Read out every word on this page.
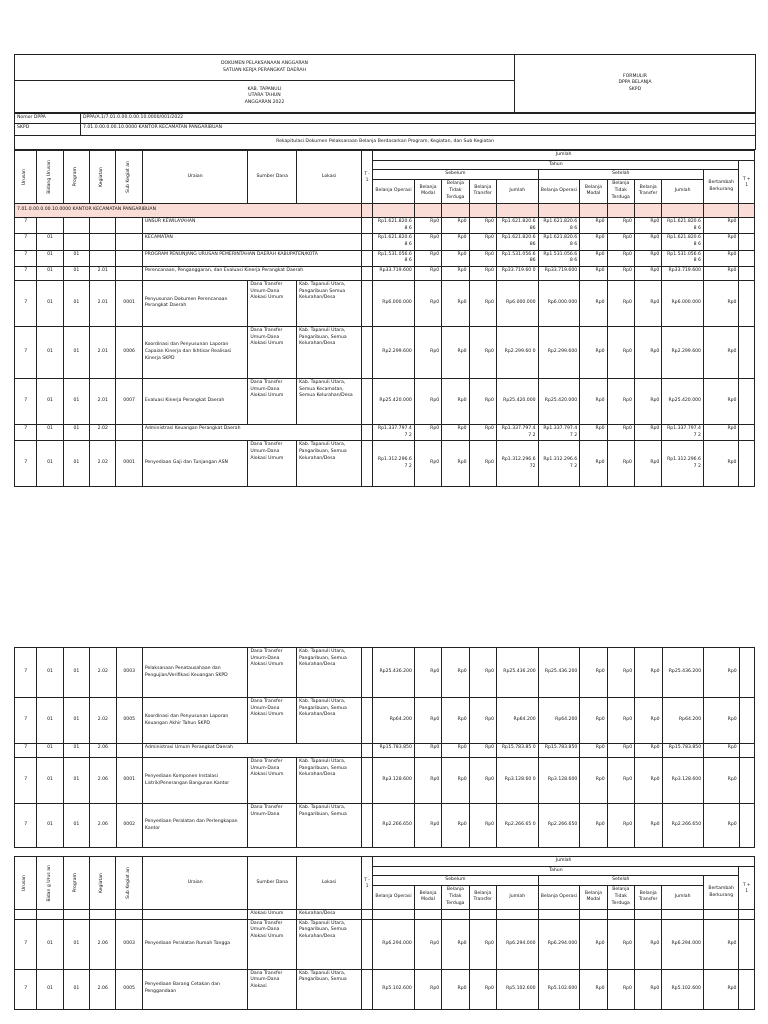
DOKUMEN PELAKSANAAN ANGGARAN
SATUAN KERJA PERANGKAT DAERAH

FORMULIR
DPPA BELANJA
SKPD

KAB. TAPANULI
UTARA TAHUN
ANGGARAN 2022
Nomor DPPA	DPPA/A.1/7.01.0.00.0.00.10.0000/001/2022
SKPD	7.01.0.00.0.00.10.0000 KANTOR KECAMATAN PANGARIBUAN
Rekapitulasi Dokumen Pelaksanaan Belanja Berdasarkan Program, Kegiatan, dan Sub Kegiatan	
Urusan	Bidang Urusan	Program	Kegiatan	Sub Kegiat an	Uraian	Sumber Dana	Lokasi	T - 1	Jumlah											
									Tahun											T + 1
									Sebelum					Setelah					Bertambah Berkurang	
									Belanja Operasi	Belanja Modal	Belanja Tidak Terduga	Belanja Transfer	Jumlah	Belanja Operasi	Belanja Modal	Belanja Tidak Terduga	Belanja Transfer	Jumlah		
7.01.0.00.0.00.10.0000 KANTOR KECAMATAN PANGARIBUAN																				
7					UNSUR KEWILAYAHAN				Rp1.621.820.68 6	Rp0	Rp0	Rp0	Rp1.621.820.6 86	Rp1.621.820.68 6	Rp0	Rp0	Rp0	Rp1.621.820.68 6	Rp0	
7	01				KECAMATAN				Rp1.621.820.68 6	Rp0	Rp0	Rp0	Rp1.621.820.6 86	Rp1.621.820.68 6	Rp0	Rp0	Rp0	Rp1.621.820.68 6	Rp0	
7	01	01			PROGRAM PENUNJANG URUSAN PEMERINTAHAN DAERAH KABUPATEN/KOTA				Rp1.531.056.68 6	Rp0	Rp0	Rp0	Rp1.531.056.6 86	Rp1.531.056.68 6	Rp0	Rp0	Rp0	Rp1.531.056.68 6	Rp0	
7	01	01	2.01		Perencanaan, Penganggaran, dan Evaluasi Kinerja Perangkat Daerah				Rp33.719.600	Rp0	Rp0	Rp0	Rp33.719.60 0	Rp33.719.600	Rp0	Rp0	Rp0	Rp33.719.600	Rp0	
7	01	01	2.01	0001	Penyusunan Dokumen Perencanaan Perangkat Daerah	Dana Transfer Umum-Dana Alokasi Umum	Kab. Tapanuli Utara, Pangaribuan Semua Kelurahan/Desa		Rp6.000.000	Rp0	Rp0	Rp0	Rp6.000.000	Rp6.000.000	Rp0	Rp0	Rp0	Rp6.000.000	Rp0	
7	01	01	2.01	0006	Koordinasi dan Penyusunan Laporan Capaian Kinerja dan Ikhtisar Realisasi Kinerja SKPD	Dana Transfer Umum-Dana Alokasi Umum	Kab. Tapanuli Utara, Pangaribuan, Semua Kelurahan/Desa		Rp2.299.600	Rp0	Rp0	Rp0	Rp2.299.60 0	Rp2.299.600	Rp0	Rp0	Rp0	Rp2.299.600	Rp0	
7	01	01	2.01	0007	Evaluasi Kinerja Perangkat Daerah	Dana Transfer Umum-Dana Alokasi Umum	Kab. Tapanuli Utara, Semua Kecamatan, Semua Kelurahan/Desa		Rp25.420.000	Rp0	Rp0	Rp0	Rp25.420.000	Rp25.420.000	Rp0	Rp0	Rp0	Rp25.420.000	Rp0	
7	01	01	2.02		Administrasi Keuangan Perangkat Daerah				Rp1.337.797.47 2	Rp0	Rp0	Rp0	Rp1.337.797.47 2	Rp1.337.797.47 2	Rp0	Rp0	Rp0	Rp1.337.797.47 2	Rp0	
7	01	01	2.02	0001	Penyediaan Gaji dan Tunjangan ASN	Dana Transfer Umum-Dana Alokasi Umum	Kab. Tapanuli Utara, Pangaribuan, Semua Kelurahan/Desa		Rp1.312.296.67 2	Rp0	Rp0	Rp0	Rp1.312.296.6 72	Rp1.312.296.67 2	Rp0	Rp0	Rp0	Rp1.312.296.67 2	Rp0	
7	01	01	2.02	0003	Pelaksanaan Penatausahaan dan Pengujian/Verifikasi Keuangan SKPD	Dana Transfer Umum-Dana Alokasi Umum	Kab. Tapanuli Utara, Pangaribuan, Semua Kelurahan/Desa		Rp25.436.200	Rp0	Rp0	Rp0	Rp25.436.200	Rp25.436.200	Rp0	Rp0	Rp0	Rp25.436.200	Rp0	
7	01	01	2.02	0005	Koordinasi dan Penyusunan Laporan Keuangan Akhir Tahun SKPD	Dana Transfer Umum-Dana Alokasi Umum	Kab. Tapanuli Utara, Pangaribuan, Semua Kelurahan/Desa		Rp64.200	Rp0	Rp0	Rp0	Rp64.200	Rp64.200	Rp0	Rp0	Rp0	Rp64.200	Rp0	
7	01	01	2.06		Administrasi Umum Perangkat Daerah				Rp15.783.850	Rp0	Rp0	Rp0	Rp15.783.85 0	Rp15.783.850	Rp0	Rp0	Rp0	Rp15.783.850	Rp0	
7	01	01	2.06	0001	Penyediaan Komponen Instalasi Listrik/Penerangan Bangunan Kantor	Dana Transfer Umum-Dana Alokasi Umum	Kab. Tapanuli Utara, Pangaribuan, Semua Kelurahan/Desa		Rp3.128.600	Rp0	Rp0	Rp0	Rp3.128.60 0	Rp3.128.600	Rp0	Rp0	Rp0	Rp3.128.600	Rp0	
7	01	01	2.06	0002	Penyediaan Peralatan dan Perlengkapan Kantor	Dana Transfer Umum-Dana	Kab. Tapanuli Utara, Pangaribuan, Semua		Rp2.266.650	Rp0	Rp0	Rp0	Rp2.266.65 0	Rp2.266.650	Rp0	Rp0	Rp0	Rp2.266.650	Rp0	
Urusan	Bidan g Urus an	Program	Kegiatan	Sub Kegiat an	Uraian	Sumber Dana	Lokasi	T - 1	Jumlah											
									Tahun											T + 1
									Sebelum					Setelah					Bertambah Berkurang	
									Belanja Operasi	Belanja Modal	Belanja Tidak Terduga	Belanja Transfer	Jumlah	Belanja Operasi	Belanja Modal	Belanja Tidak Terduga	Belanja Transfer	Jumlah		
						Alokasi Umum	Kelurahan/Desa													
7	01	01	2.06	0003	Penyediaan Peralatan Rumah Tangga	Dana Transfer Umum-Dana Alokasi Umum	Kab. Tapanuli Utara, Pangaribuan, Semua Kelurahan/Desa		Rp6.294.000	Rp0	Rp0	Rp0	Rp6.294.000	Rp6.294.000	Rp0	Rp0	Rp0	Rp6.294.000	Rp0	
7	01	01	2.06	0005	Penyediaan Barang Cetakan dan Penggandaan	Dana Transfer Umum-Dana Alokasi	Kab. Tapanuli Utara, Pangaribuan, Semua		Rp5.102.600	Rp0	Rp0	Rp0	Rp5.102.600	Rp5.102.600	Rp0	Rp0	Rp0	Rp5.102.600	Rp0	
